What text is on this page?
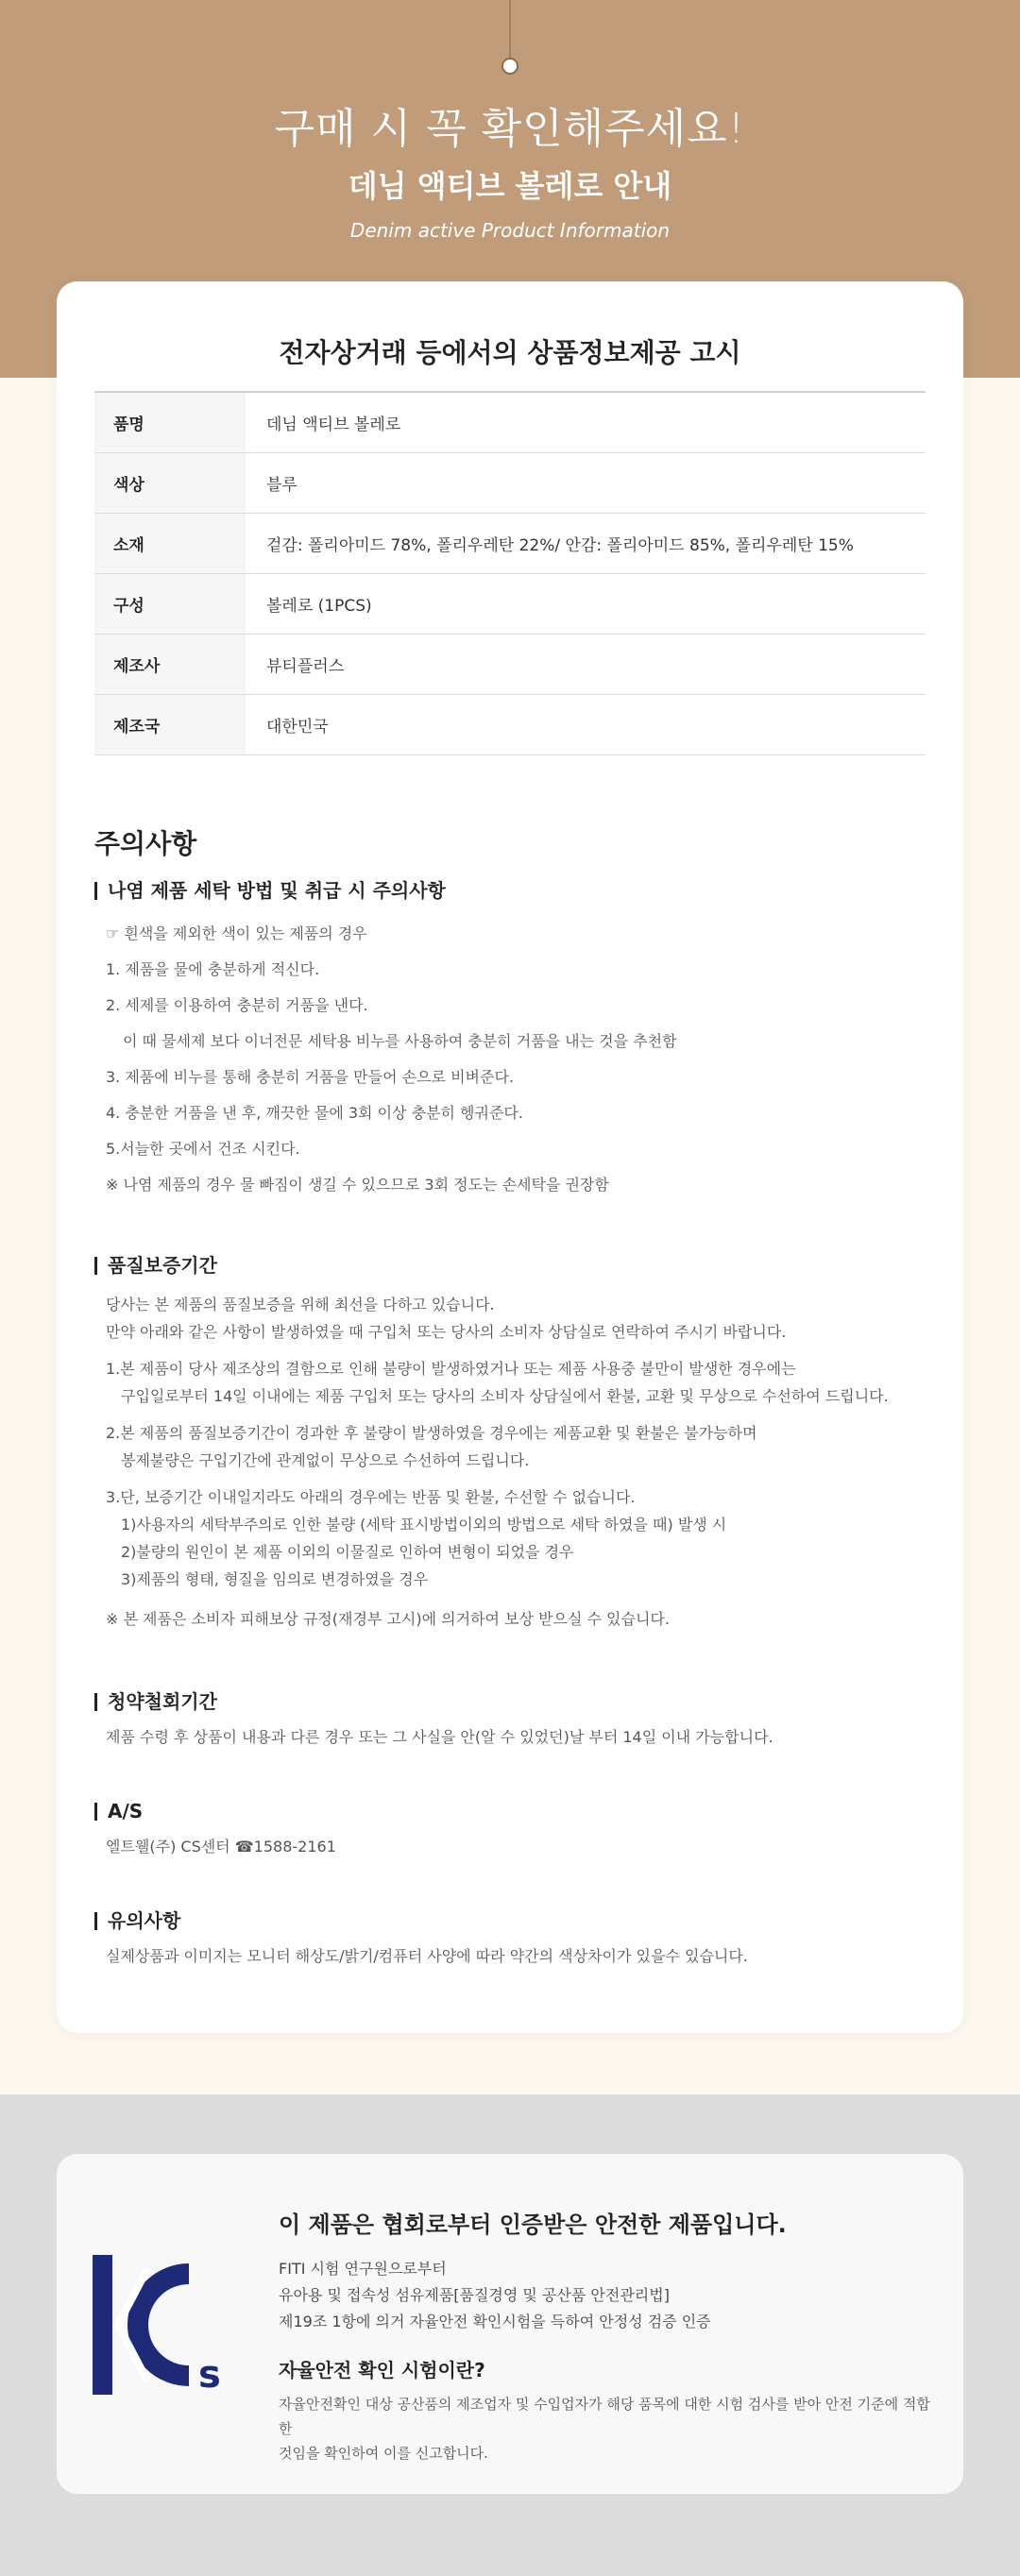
구매 시 꼭 확인해주세요!
데님 액티브 볼레로 안내
Denim active Product Information
전자상거래 등에서의 상품정보제공 고시
품명	데님 액티브 볼레로
색상	블루
소재	겉감: 폴리아미드 78%, 폴리우레탄 22%/ 안감: 폴리아미드 85%, 폴리우레탄 15%
구성	볼레로 (1PCS)
제조사	뷰티플러스
제조국	대한민국
주의사항
나염 제품 세탁 방법 및 취급 시 주의사항
☞ 흰색을 제외한 색이 있는 제품의 경우
1. 제품을 물에 충분하게 적신다.
2. 세제를 이용하여 충분히 거품을 낸다.
이 때 물세제 보다 이너전문 세탁용 비누를 사용하여 충분히 거품을 내는 것을 추천함
3. 제품에 비누를 통해 충분히 거품을 만들어 손으로 비벼준다.
4. 충분한 거품을 낸 후, 깨끗한 물에 3회 이상 충분히 헹궈준다.
5.서늘한 곳에서 건조 시킨다.
※ 나염 제품의 경우 물 빠짐이 생길 수 있으므로 3회 정도는 손세탁을 권장함
품질보증기간
당사는 본 제품의 품질보증을 위해 최선을 다하고 있습니다.
만약 아래와 같은 사항이 발생하였을 때 구입처 또는 당사의 소비자 상담실로 연락하여 주시기 바랍니다.
1.본 제품이 당사 제조상의 결함으로 인해 불량이 발생하였거나 또는 제품 사용중 불만이 발생한 경우에는
구입일로부터 14일 이내에는 제품 구입처 또는 당사의 소비자 상담실에서 환불, 교환 및 무상으로 수선하여 드립니다.
2.본 제품의 품질보증기간이 경과한 후 불량이 발생하였을 경우에는 제품교환 및 환불은 불가능하며
봉제불량은 구입기간에 관계없이 무상으로 수선하여 드립니다.
3.단, 보증기간 이내일지라도 아래의 경우에는 반품 및 환불, 수선할 수 없습니다.
1)사용자의 세탁부주의로 인한 불량 (세탁 표시방법이외의 방법으로 세탁 하였을 때) 발생 시
2)불량의 원인이 본 제품 이외의 이물질로 인하여 변형이 되었을 경우
3)제품의 형태, 형질을 임의로 변경하였을 경우
※ 본 제품은 소비자 피해보상 규정(재경부 고시)에 의거하여 보상 받으실 수 있습니다.
청약철회기간
제품 수령 후 상품이 내용과 다른 경우 또는 그 사실을 안(알 수 있었던)날 부터 14일 이내 가능합니다.
A/S
엘트웰(주) CS센터 ☎1588-2161
유의사항
실제상품과 이미지는 모니터 해상도/밝기/컴퓨터 사양에 따라 약간의 색상차이가 있을수 있습니다.
s
이 제품은 협회로부터 인증받은 안전한 제품입니다.
FITI 시험 연구원으로부터
유아용 및 접속성 섬유제품[품질경영 및 공산품 안전관리법]
제19조 1항에 의거 자율안전 확인시험을 득하여 안정성 검증 인증
자율안전 확인 시험이란?
자율안전확인 대상 공산품의 제조업자 및 수입업자가 해당 품목에 대한 시험 검사를 받아 안전 기준에 적합한
것임을 확인하여 이를 신고합니다.
